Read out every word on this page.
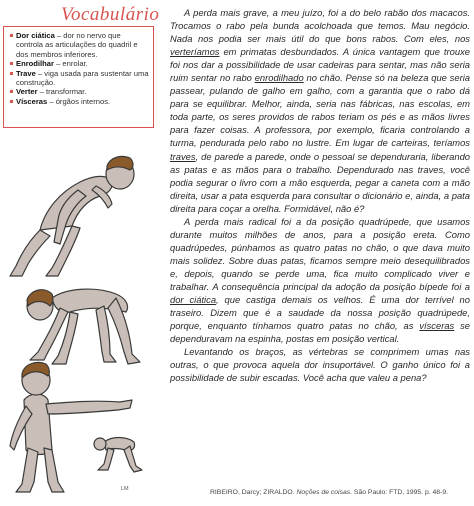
Vocabulário
Dor ciática – dor no nervo que controla as articulações do quadril e dos membros inferiores.
Enrodilhar – enrolar.
Trave – viga usada para sustentar uma construção.
Verter – transformar.
Vísceras – órgãos internos.
LM

A perda mais grave, a meu juízo, foi a do belo rabão dos macacos. Trocamos o rabo pela bunda acolchoada que temos. Mau negócio. Nada nos podia ser mais útil do que bons rabos. Com eles, nos verteríamos em primatas desbundados. A única vantagem que trouxe foi nos dar a possibilidade de usar cadeiras para sentar, mas não seria ruim sentar no rabo enrodilhado no chão. Pense só na beleza que seria passear, pulando de galho em galho, com a garantia que o rabo dá para se equilibrar. Melhor, ainda, seria nas fábricas, nas escolas, em toda parte, os seres providos de rabos teriam os pés e as mãos livres para fazer coisas. A professora, por exemplo, ficaria controlando a turma, pendurada pelo rabo no lustre. Em lugar de carteiras, teríamos traves, de parede a parede, onde o pessoal se dependuraria, liberando as patas e as mãos para o trabalho. Dependurado nas traves, você podia segurar o livro com a mão esquerda, pegar a caneta com a mão direita, usar a pata esquerda para consultar o dicionário e, ainda, a pata direita para coçar a orelha. Formidável, não é?

A perda mais radical foi a da posição quadrúpede, que usamos durante muitos milhões de anos, para a posição ereta. Como quadrúpedes, púnhamos as quatro patas no chão, o que dava muito mais solidez. Sobre duas patas, ficamos sempre meio desequilibrados e, depois, quando se perde uma, fica muito complicado viver e trabalhar. A consequência principal da adoção da posição bípede foi a dor ciática, que castiga demais os velhos. É uma dor terrível no traseiro. Dizem que é a saudade da nossa posição quadrúpede, porque, enquanto tínhamos quatro patas no chão, as vísceras se dependuravam na espinha, postas em posição vertical.

Levantando os braços, as vértebras se comprimem umas nas outras, o que provoca aquela dor insuportável. O ganho único foi a possibilidade de subir escadas. Você acha que valeu a pena?

RIBEIRO, Darcy; ZIRALDO. Noções de coisas. São Paulo: FTD, 1995. p. 48-9.
